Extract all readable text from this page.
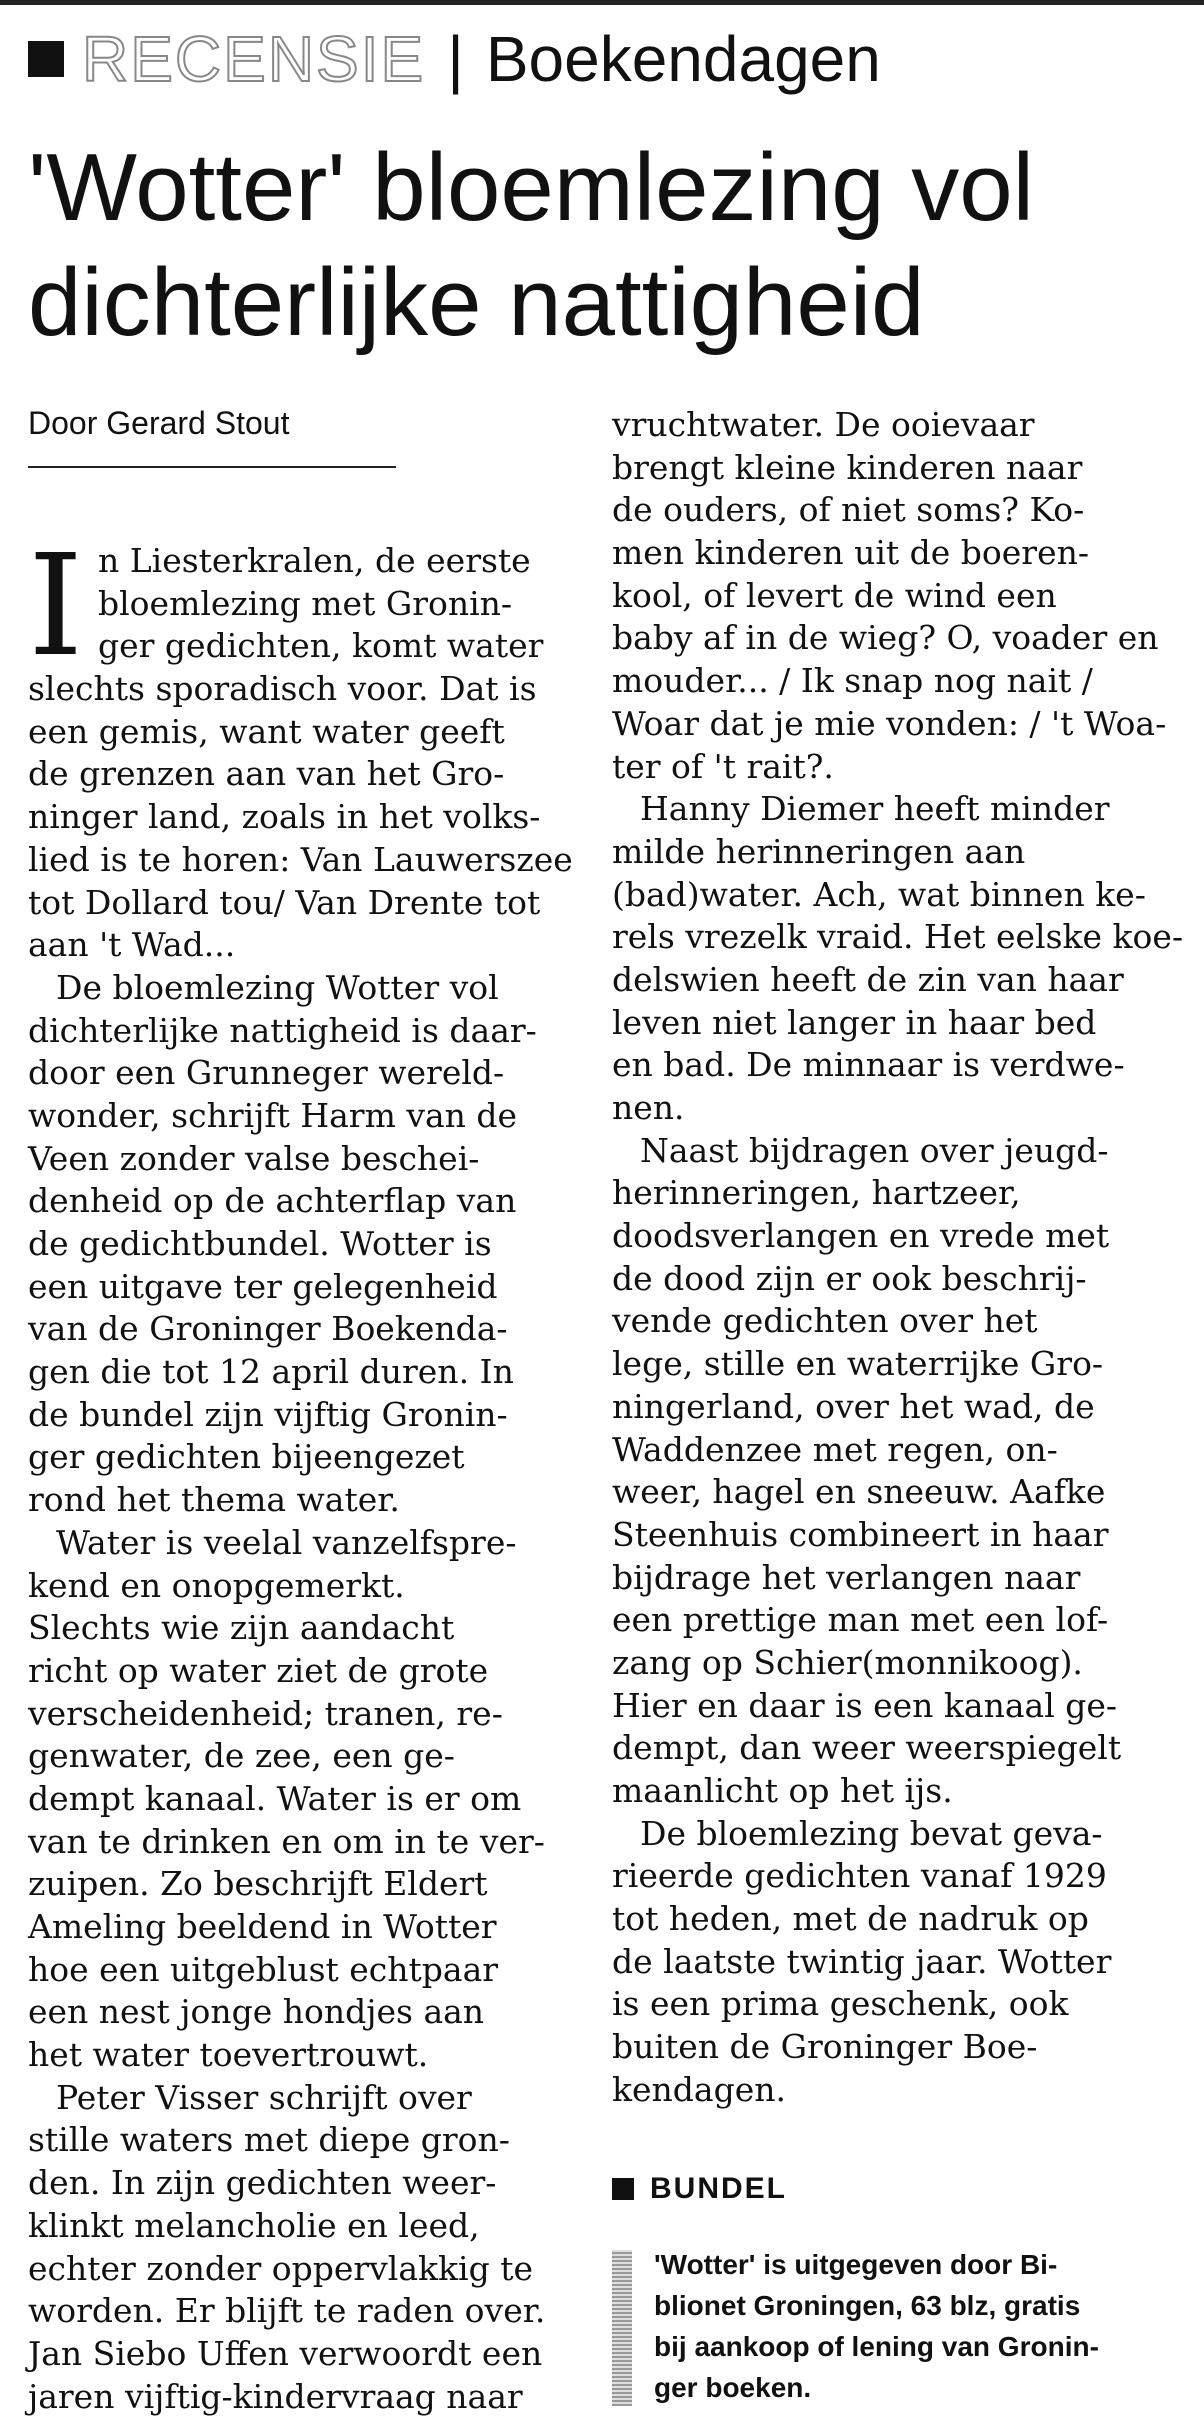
RECENSIE | Boekendagen
'Wotter' bloemlezing vol
dichterlijke nattigheid
Door Gerard Stout
I n Liesterkralen, de eerste
bloemlezing met Gronin-
ger gedichten, komt water
slechts sporadisch voor. Dat is
een gemis, want water geeft
de grenzen aan van het Gro-
ninger land, zoals in het volks-
lied is te horen: Van Lauwerszee
tot Dollard tou/ Van Drente tot
aan 't Wad...
De bloemlezing Wotter vol
dichterlijke nattigheid is daar-
door een Grunneger wereld-
wonder, schrijft Harm van de
Veen zonder valse beschei-
denheid op de achterflap van
de gedichtbundel. Wotter is
een uitgave ter gelegenheid
van de Groninger Boekenda-
gen die tot 12 april duren. In
de bundel zijn vijftig Gronin-
ger gedichten bijeengezet
rond het thema water.
Water is veelal vanzelfspre-
kend en onopgemerkt.
Slechts wie zijn aandacht
richt op water ziet de grote
verscheidenheid; tranen, re-
genwater, de zee, een ge-
dempt kanaal. Water is er om
van te drinken en om in te ver-
zuipen. Zo beschrijft Eldert
Ameling beeldend in Wotter
hoe een uitgeblust echtpaar
een nest jonge hondjes aan
het water toevertrouwt.
Peter Visser schrijft over
stille waters met diepe gron-
den. In zijn gedichten weer-
klinkt melancholie en leed,
echter zonder oppervlakkig te
worden. Er blijft te raden over.
Jan Siebo Uffen verwoordt een
jaren vijftig-kindervraag naar
vruchtwater. De ooievaar
brengt kleine kinderen naar
de ouders, of niet soms? Ko-
men kinderen uit de boeren-
kool, of levert de wind een
baby af in de wieg? O, voader en
mouder... / Ik snap nog nait /
Woar dat je mie vonden: / 't Woa-
ter of 't rait?.
Hanny Diemer heeft minder
milde herinneringen aan
(bad)water. Ach, wat binnen ke-
rels vrezelk vraid. Het eelske koe-
delswien heeft de zin van haar
leven niet langer in haar bed
en bad. De minnaar is verdwe-
nen.
Naast bijdragen over jeugd-
herinneringen, hartzeer,
doodsverlangen en vrede met
de dood zijn er ook beschrij-
vende gedichten over het
lege, stille en waterrijke Gro-
ningerland, over het wad, de
Waddenzee met regen, on-
weer, hagel en sneeuw. Aafke
Steenhuis combineert in haar
bijdrage het verlangen naar
een prettige man met een lof-
zang op Schier(monnikoog).
Hier en daar is een kanaal ge-
dempt, dan weer weerspiegelt
maanlicht op het ijs.
De bloemlezing bevat geva-
rieerde gedichten vanaf 1929
tot heden, met de nadruk op
de laatste twintig jaar. Wotter
is een prima geschenk, ook
buiten de Groninger Boe-
kendagen.
BUNDEL
'Wotter' is uitgegeven door Bi-
blionet Groningen, 63 blz, gratis
bij aankoop of lening van Gronin-
ger boeken.
